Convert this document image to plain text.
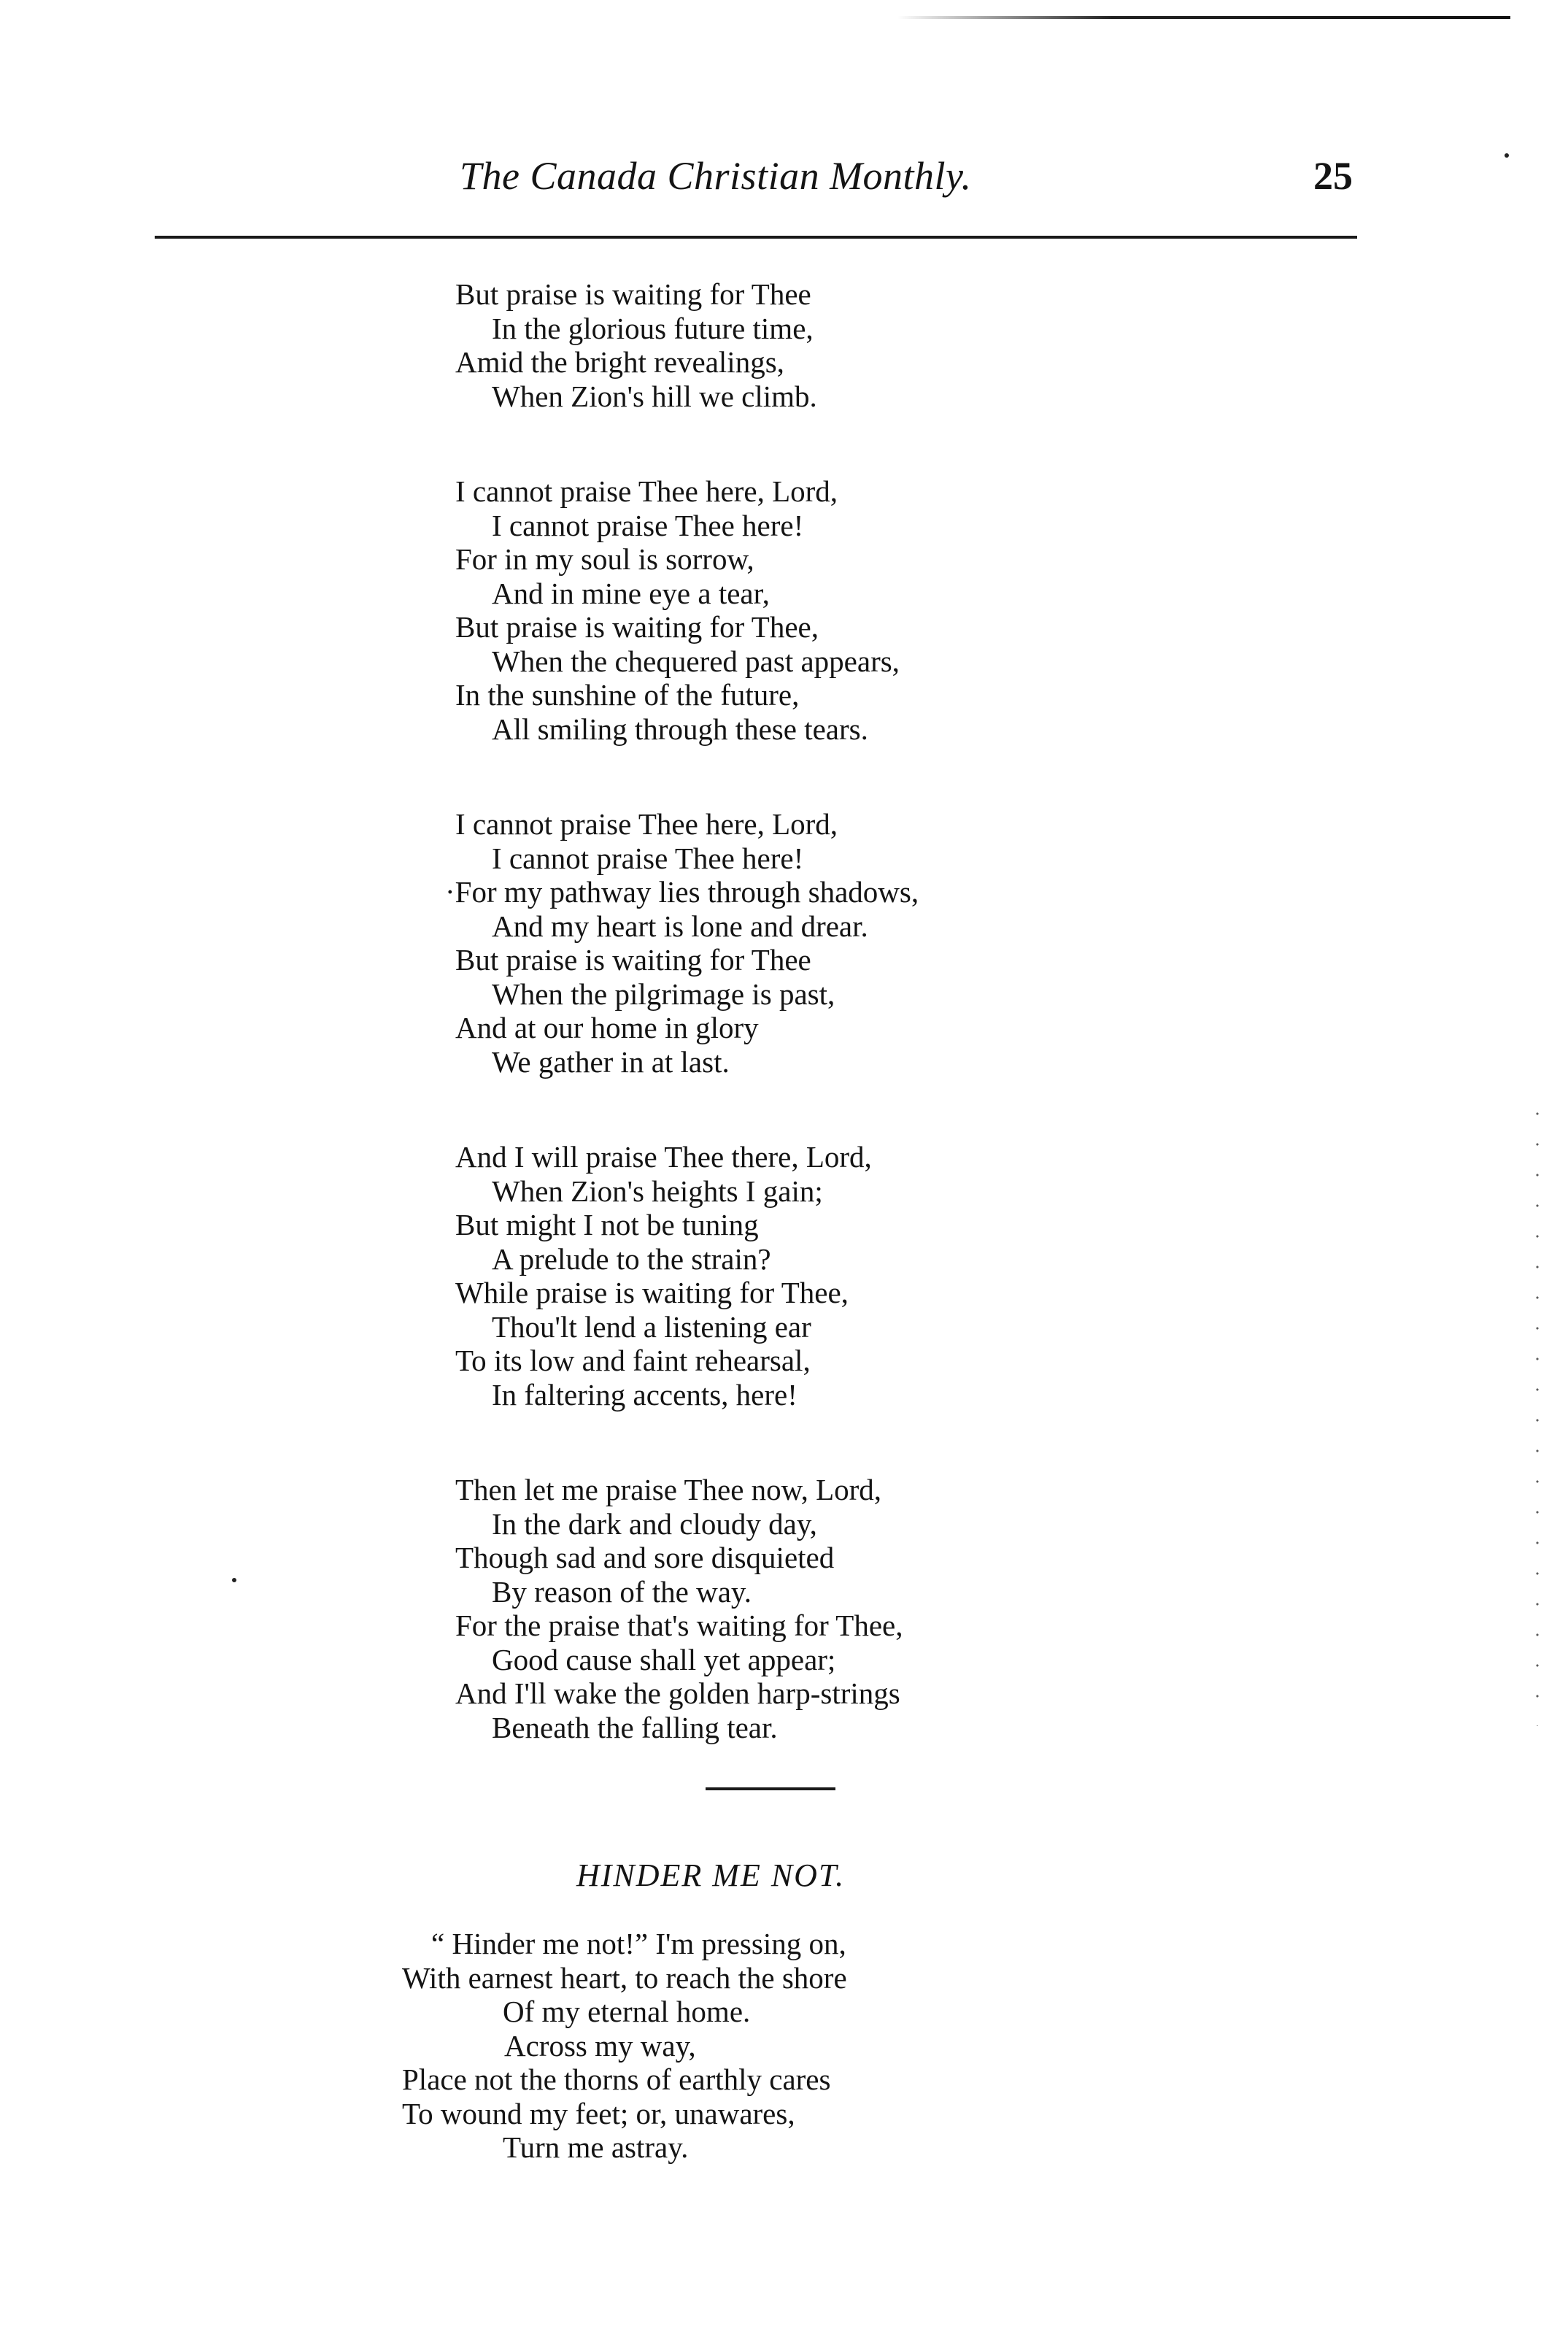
The Canada Christian Monthly.	25
But praise is waiting for Thee
In the glorious future time,
Amid the bright revealings,
When Zion's hill we climb.
I cannot praise Thee here, Lord,
I cannot praise Thee here!
For in my soul is sorrow,
And in mine eye a tear,
But praise is waiting for Thee,
When the chequered past appears,
In the sunshine of the future,
All smiling through these tears.
I cannot praise Thee here, Lord,
I cannot praise Thee here!
·For my pathway lies through shadows,
And my heart is lone and drear.
But praise is waiting for Thee
When the pilgrimage is past,
And at our home in glory
We gather in at last.
And I will praise Thee there, Lord,
When Zion's heights I gain;
But might I not be tuning
A prelude to the strain?
While praise is waiting for Thee,
Thou'lt lend a listening ear
To its low and faint rehearsal,
In faltering accents, here!
Then let me praise Thee now, Lord,
In the dark and cloudy day,
Though sad and sore disquieted
By reason of the way.
For the praise that's waiting for Thee,
Good cause shall yet appear;
And I'll wake the golden harp-strings
Beneath the falling tear.
HINDER ME NOT.
“ Hinder me not!” I'm pressing on,
With earnest heart, to reach the shore
Of my eternal home.
Across my way,
Place not the thorns of earthly cares
To wound my feet; or, unawares,
Turn me astray.
